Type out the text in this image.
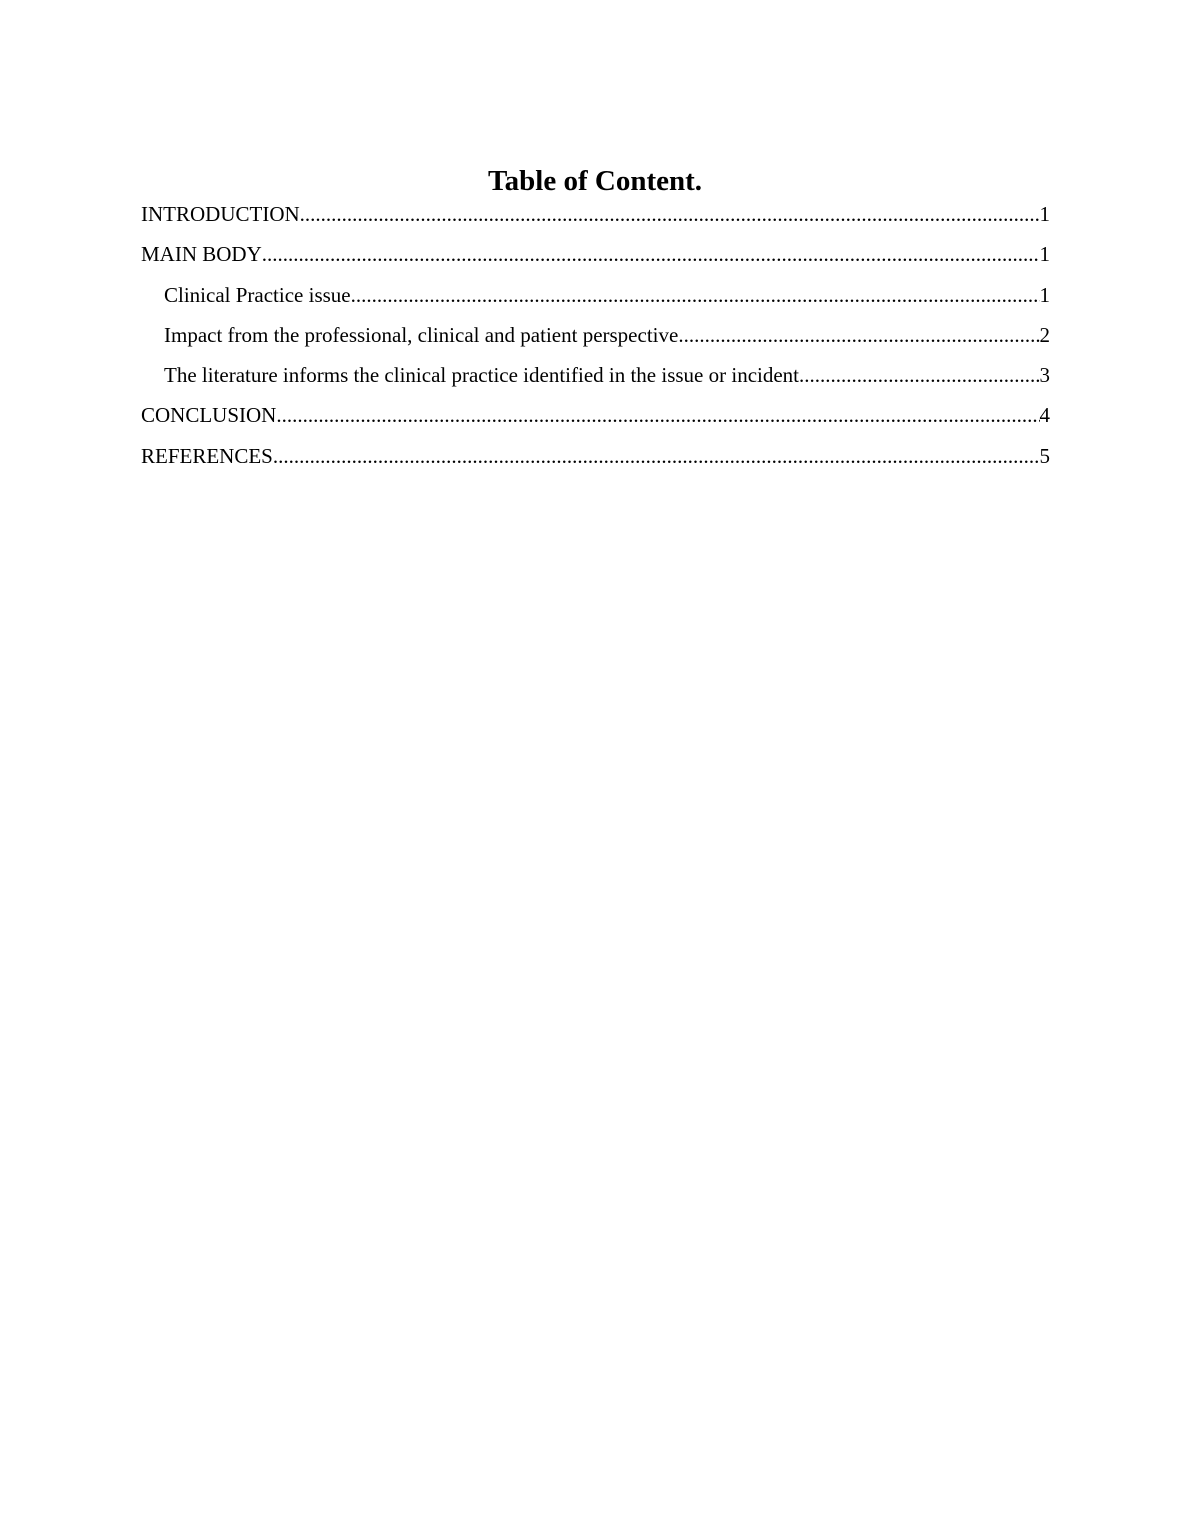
Table of Content.
INTRODUCTION .....	1
MAIN BODY .....	1
Clinical Practice issue .....	1
Impact from the professional, clinical and patient perspective .....	2
The literature informs the clinical practice identified in the issue or incident .....	3
CONCLUSION .....	4
REFERENCES .....	5
